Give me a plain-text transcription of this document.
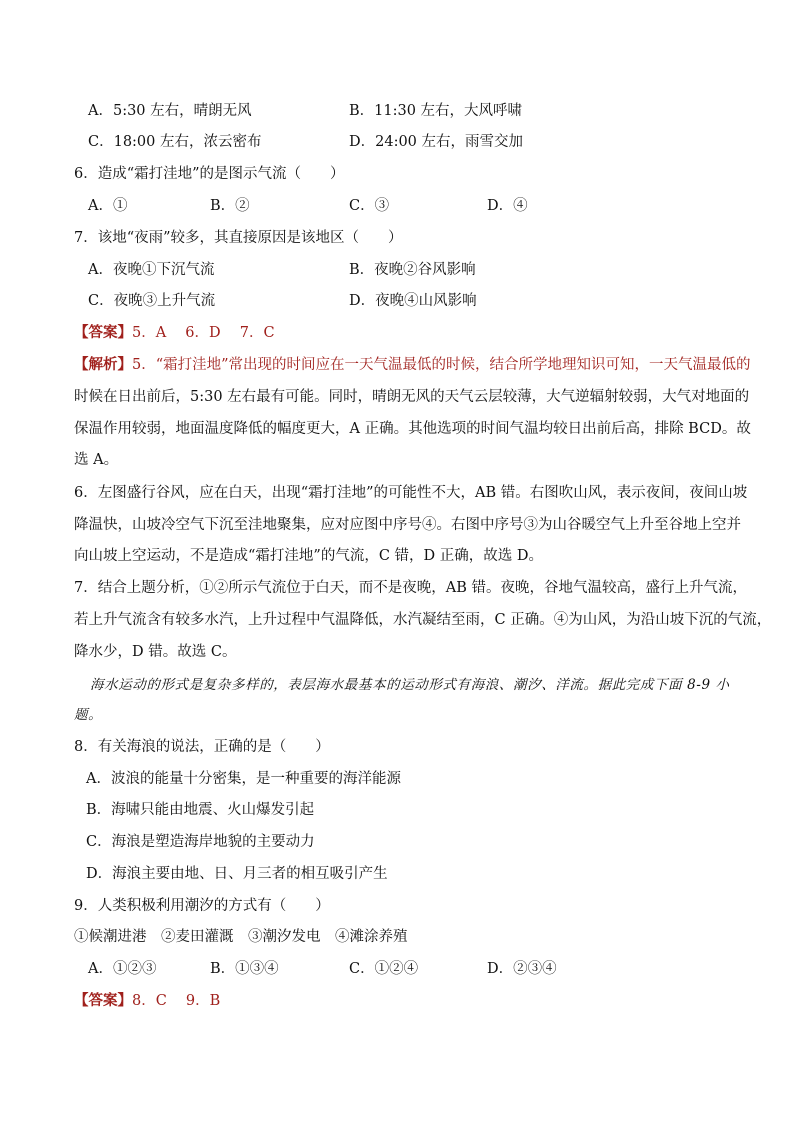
A．5:30 左右，晴朗无风	B．11:30 左右，大风呼啸
C．18:00 左右，浓云密布	D．24:00 左右，雨雪交加
6．造成“霜打洼地”的是图示气流（　　）
A．①	B．②	C．③	D．④
7．该地“夜雨”较多，其直接原因是该地区（　　）
A．夜晚①下沉气流	B．夜晚②谷风影响
C．夜晚③上升气流	D．夜晚④山风影响
【答案】5．A　 6．D　 7．C
【解析】5．“霜打洼地”常出现的时间应在一天气温最低的时候，结合所学地理知识可知，一天气温最低的
时候在日出前后，5:30 左右最有可能。同时，晴朗无风的天气云层较薄，大气逆辐射较弱，大气对地面的
保温作用较弱，地面温度降低的幅度更大，A 正确。其他选项的时间气温均较日出前后高，排除 BCD。故
选 A。
6．左图盛行谷风，应在白天，出现“霜打洼地”的可能性不大，AB 错。右图吹山风，表示夜间，夜间山坡
降温快，山坡冷空气下沉至洼地聚集，应对应图中序号④。右图中序号③为山谷暖空气上升至谷地上空并
向山坡上空运动，不是造成“霜打洼地”的气流，C 错，D 正确，故选 D。
7．结合上题分析，①②所示气流位于白天，而不是夜晚，AB 错。夜晚，谷地气温较高，盛行上升气流，
若上升气流含有较多水汽，上升过程中气温降低，水汽凝结至雨，C 正确。④为山风，为沿山坡下沉的气流，
降水少，D 错。故选 C。
海水运动的形式是复杂多样的，表层海水最基本的运动形式有海浪、潮汐、洋流。据此完成下面 8-9 小
题。
8．有关海浪的说法，正确的是（　　）
A．波浪的能量十分密集，是一种重要的海洋能源
B．海啸只能由地震、火山爆发引起
C．海浪是塑造海岸地貌的主要动力
D．海浪主要由地、日、月三者的相互吸引产生
9．人类积极利用潮汐的方式有（　　）
①候潮进港　②麦田灌溉　③潮汐发电　④滩涂养殖
A．①②③	B．①③④	C．①②④	D．②③④
【答案】8．C　 9．B
